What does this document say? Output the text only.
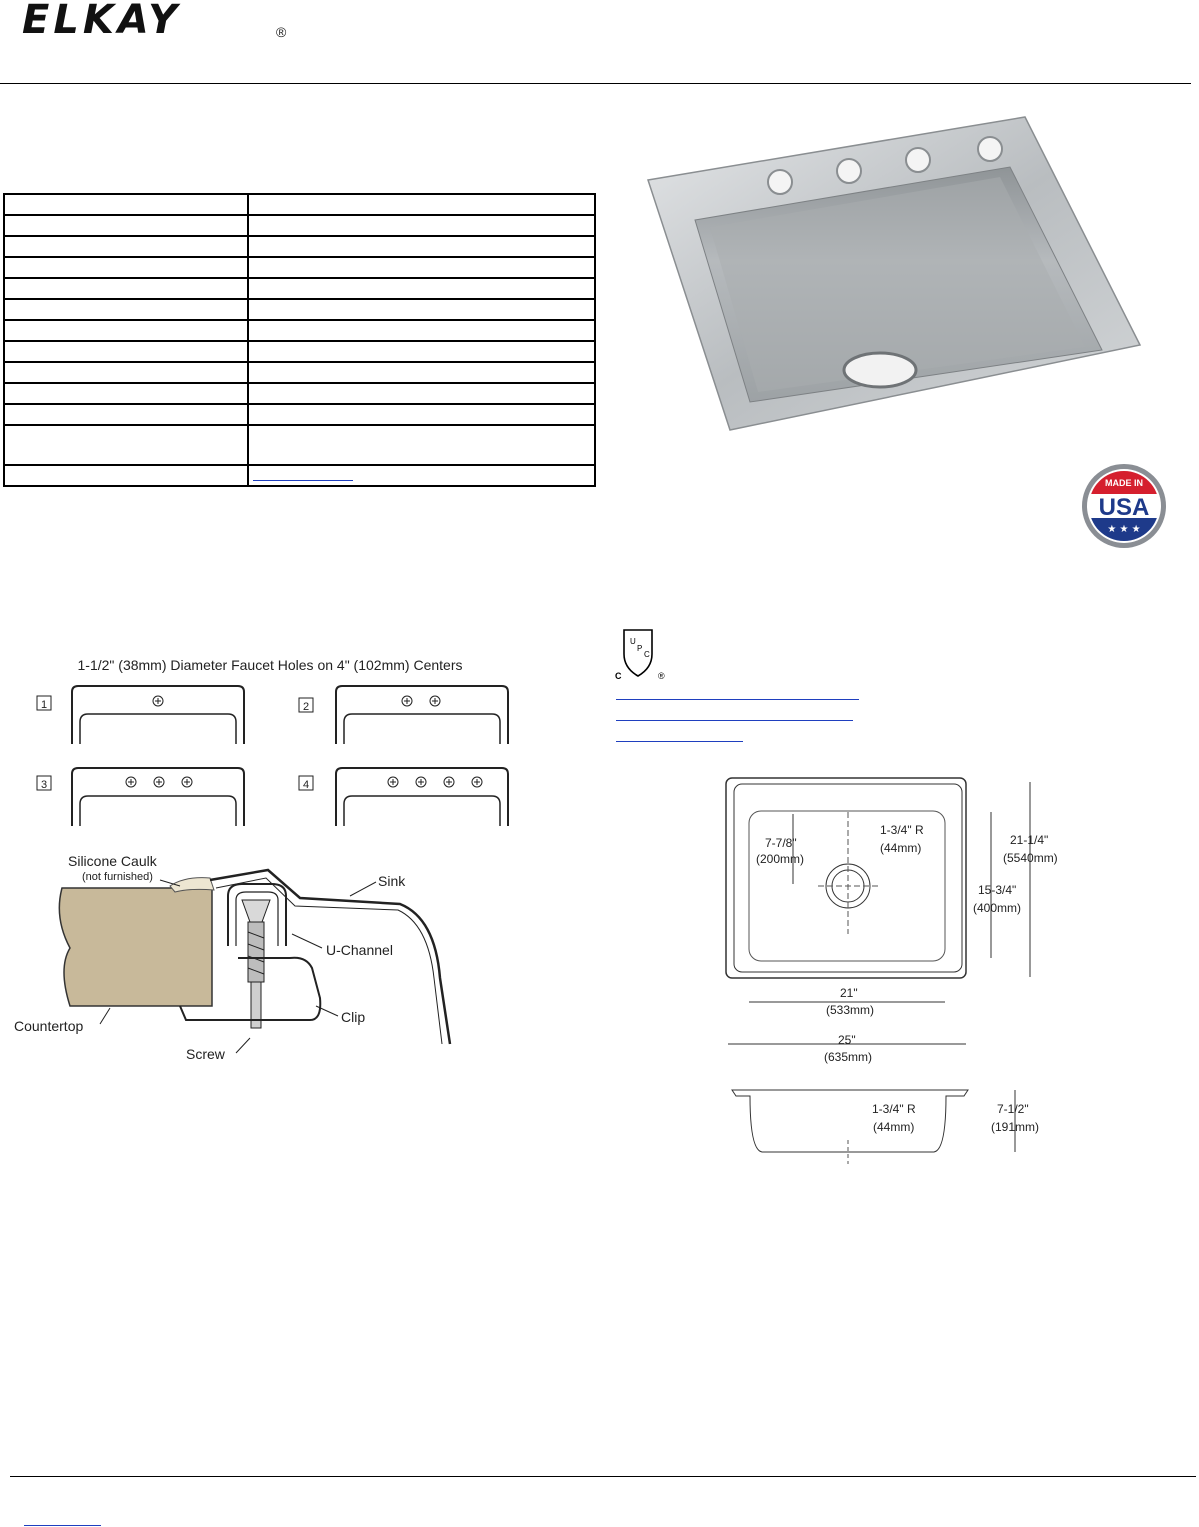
ELKAY	®

MADE IN
USA
★ ★ ★
U
P
C
C	®
1-1/2" (38mm) Diameter Faucet Holes on 4" (102mm) Centers
1	2
3	4
Silicone Caulk
(not furnished)	Sink
U-Channel
Clip
Countertop
Screw
7-7/8"
(200mm)
1-3/4" R
(44mm)
15-3/4"
(400mm)
21-1/4"
(5540mm)
21"
(533mm)
25"
(635mm)
1-3/4" R
(44mm)
7-1/2"
(191mm)
